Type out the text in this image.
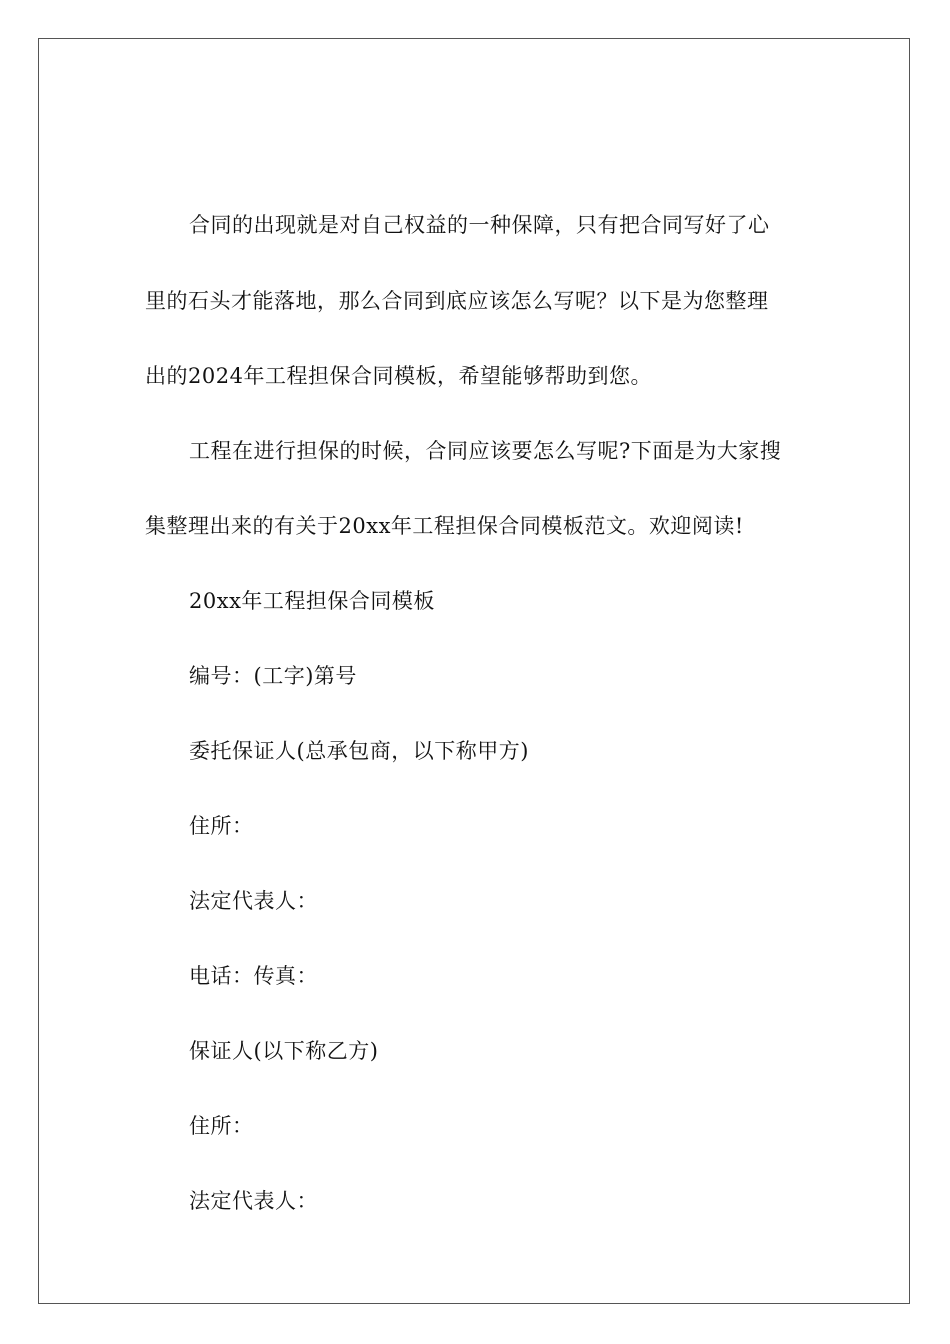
合同的出现就是对自己权益的一种保障，只有把合同写好了心
里的石头才能落地，那么合同到底应该怎么写呢？以下是为您整理
出的2024年工程担保合同模板，希望能够帮助到您。
工程在进行担保的时候，合同应该要怎么写呢?下面是为大家搜
集整理出来的有关于20xx年工程担保合同模板范文。欢迎阅读!
20xx年工程担保合同模板
编号：(工字)第号
委托保证人(总承包商，以下称甲方)
住所：
法定代表人：
电话：传真：
保证人(以下称乙方)
住所：
法定代表人：
